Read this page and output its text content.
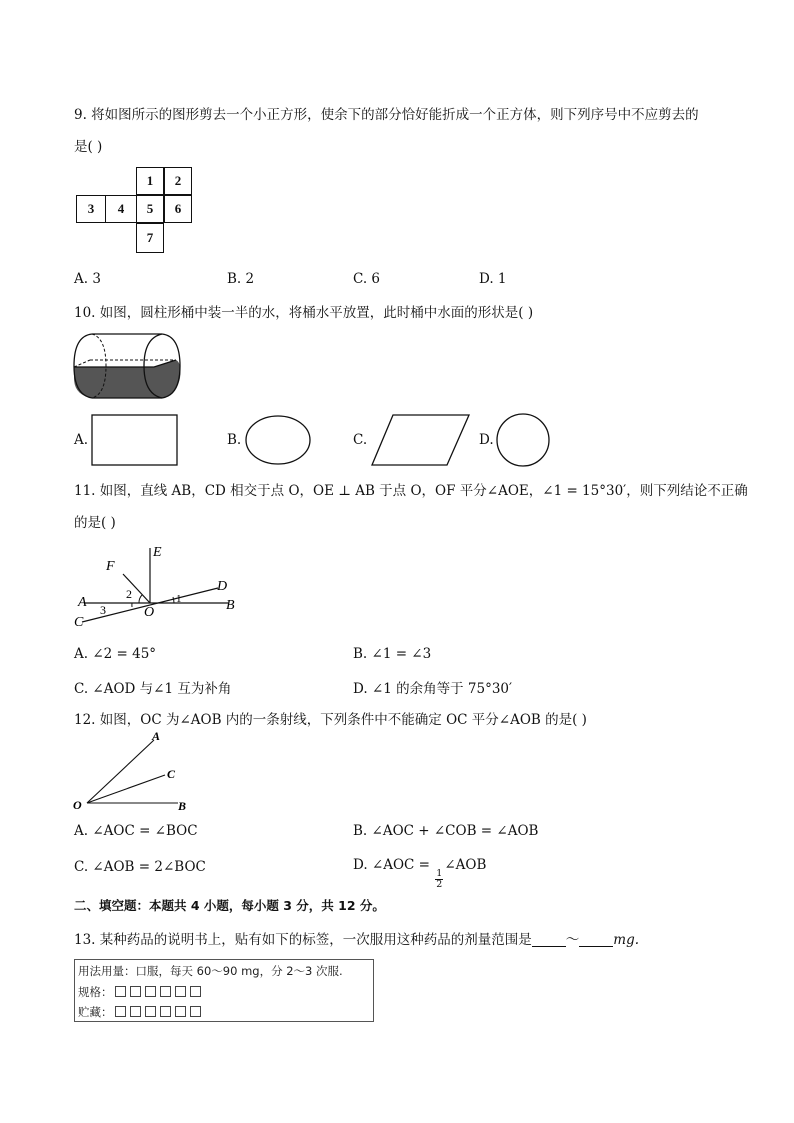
9. 将如图所示的图形剪去一个小正方形，使余下的部分恰好能折成一个正方体，则下列序号中不应剪去的
是( )
1	2
3	4	5	6
7
A. 3	B. 2	C. 6	D. 1
10. 如图，圆柱形桶中装一半的水，将桶水平放置，此时桶中水面的形状是( )
A.	B.	C.	D.
11. 如图，直线 AB，CD 相交于点 O，OE ⊥ AB 于点 O，OF 平分∠AOE，∠1 = 15°30′，则下列结论不正确
的是( )
E
F
D
A	B
C
O
1
2
3
A. ∠2 = 45°	B. ∠1 = ∠3
C. ∠AOD 与∠1 互为补角	D. ∠1 的余角等于 75°30′
12. 如图，OC 为∠AOB 内的一条射线，下列条件中不能确定 OC 平分∠AOB 的是( )
A
C
O	B
A. ∠AOC = ∠BOC	B. ∠AOC + ∠COB = ∠AOB
C. ∠AOB = 2∠BOC	D. ∠AOC =
$\frac{1}{2}$
∠AOB
二、填空题：本题共 4 小题，每小题 3 分，共 12 分。
13. 某种药品的说明书上，贴有如下的标签，一次服用这种药品的剂量范围是	～	mg.
用法用量：口服，每天 60～90 mg，分 2～3 次服.
规格：
贮藏：
